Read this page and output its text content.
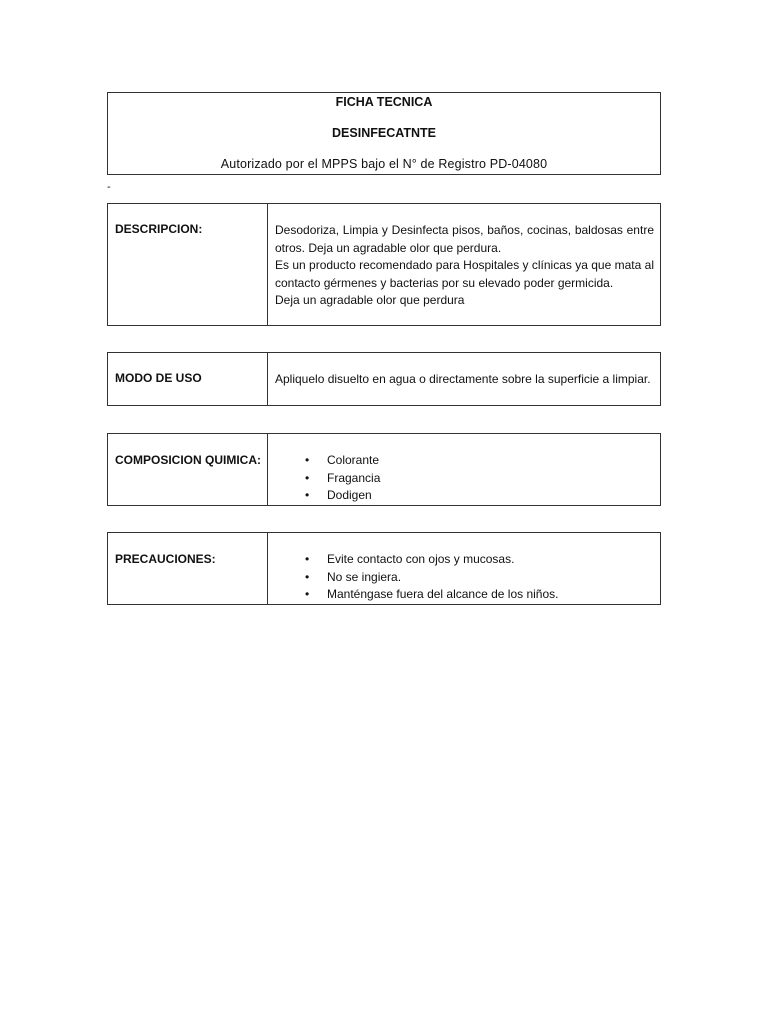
FICHA TECNICA
DESINFECATNTE
Autorizado por el MPPS bajo el N° de Registro PD-04080
-
DESCRIPCION:	Desodoriza, Limpia y Desinfecta pisos, baños, cocinas, baldosas entre otros. Deja un agradable olor que perdura.

Es un producto recomendado para Hospitales y clínicas ya que mata al contacto gérmenes y bacterias por su elevado poder germicida.

Deja un agradable olor que perdura

MODO DE USO	Apliquelo disuelto en agua o directamente sobre la superficie a limpiar.
COMPOSICION QUIMICA:	• Colorante
• Fragancia
• Dodigen
PRECAUCIONES:	• Evite contacto con ojos y mucosas.
• No se ingiera.
• Manténgase fuera del alcance de los niños.
